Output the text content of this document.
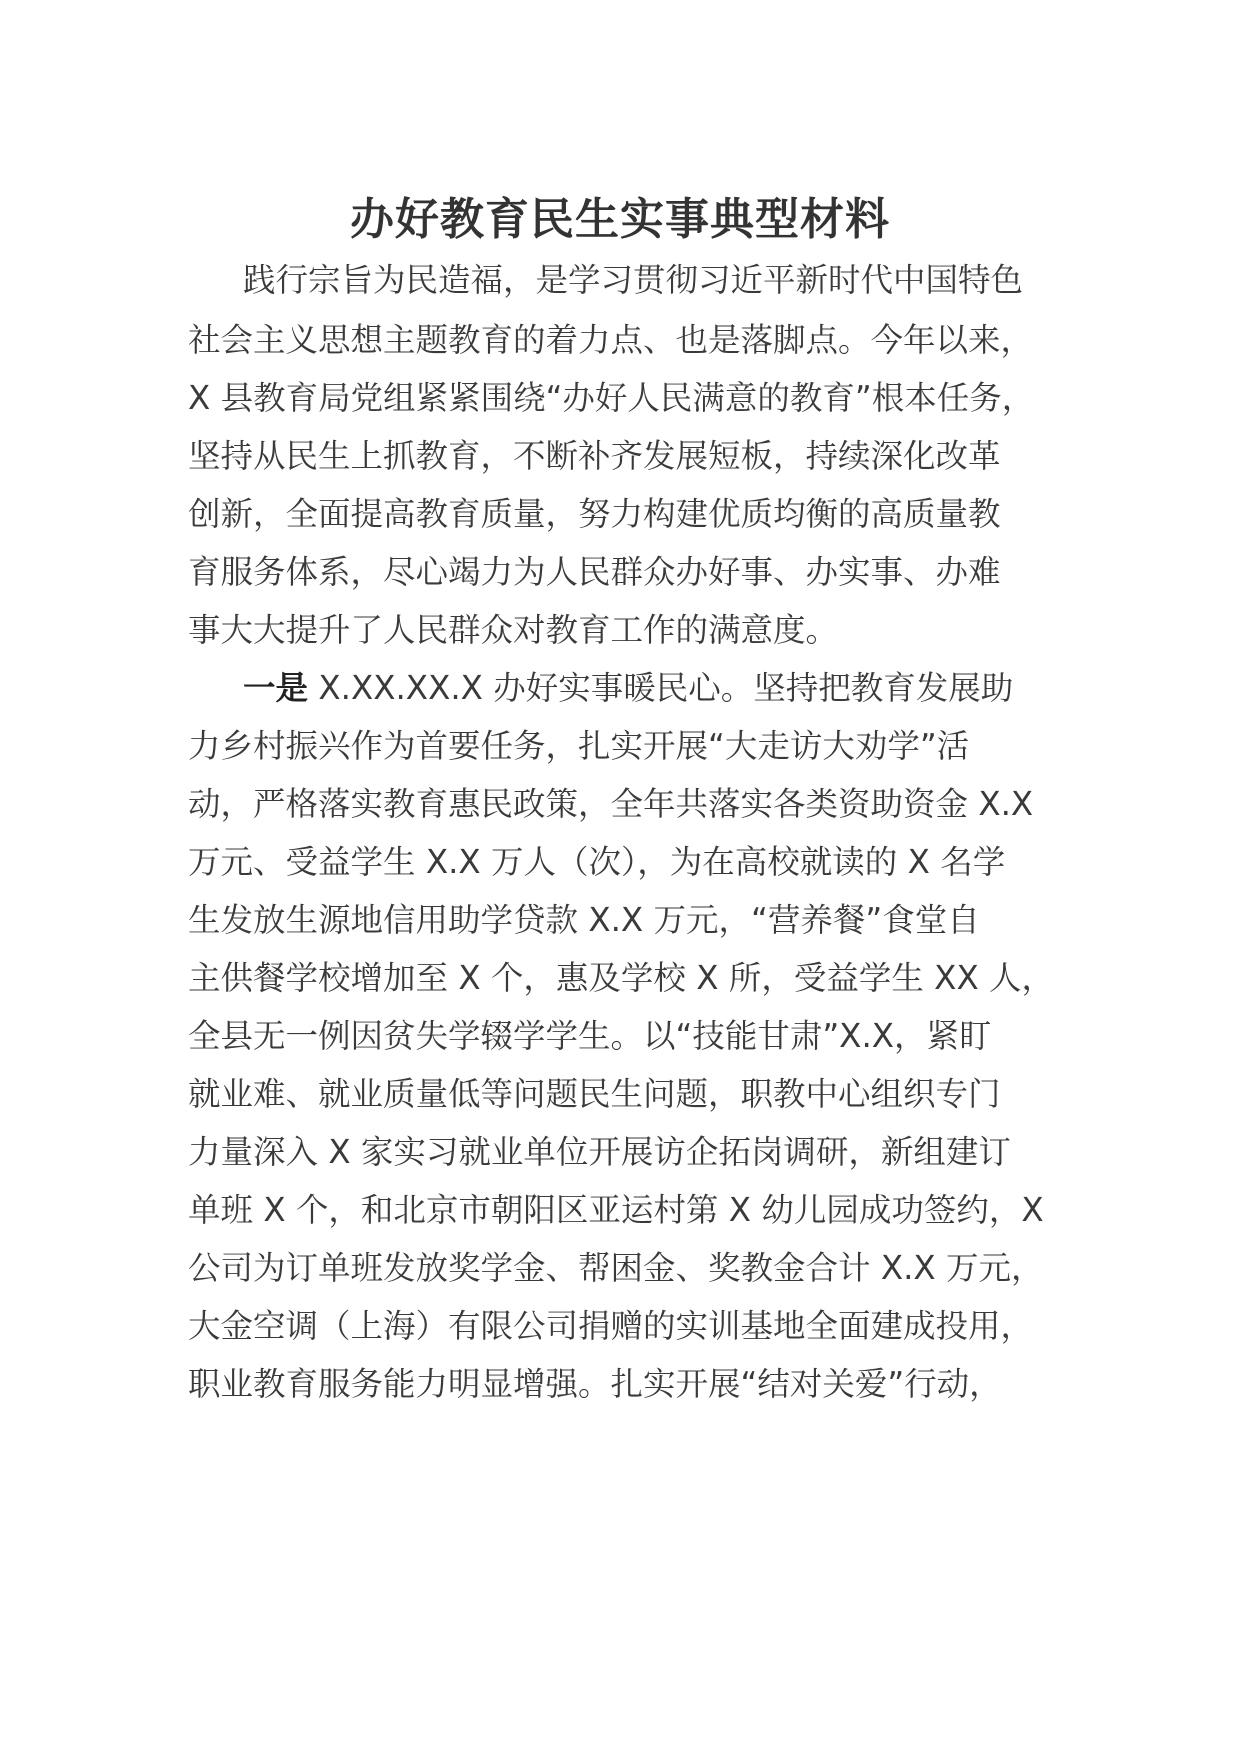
办好教育民生实事典型材料
践行宗旨为民造福，是学习贯彻习近平新时代中国特色
社会主义思想主题教育的着力点、也是落脚点。今年以来，
X 县教育局党组紧紧围绕“办好人民满意的教育”根本任务，
坚持从民生上抓教育，不断补齐发展短板，持续深化改革
创新，全面提高教育质量，努力构建优质均衡的高质量教
育服务体系，尽心竭力为人民群众办好事、办实事、办难
事大大提升了人民群众对教育工作的满意度。
一是 X.XX.XX.X 办好实事暖民心。坚持把教育发展助
力乡村振兴作为首要任务，扎实开展“大走访大劝学”活
动，严格落实教育惠民政策，全年共落实各类资助资金 X.X
万元、受益学生 X.X 万人（次），为在高校就读的 X 名学
生发放生源地信用助学贷款 X.X 万元，“营养餐”食堂自
主供餐学校增加至 X 个，惠及学校 X 所，受益学生 XX 人，
全县无一例因贫失学辍学学生。以“技能甘肃”X.X，紧盯
就业难、就业质量低等问题民生问题，职教中心组织专门
力量深入 X 家实习就业单位开展访企拓岗调研，新组建订
单班 X 个，和北京市朝阳区亚运村第 X 幼儿园成功签约，X
公司为订单班发放奖学金、帮困金、奖教金合计 X.X 万元，
大金空调（上海）有限公司捐赠的实训基地全面建成投用，
职业教育服务能力明显增强。扎实开展“结对关爱”行动，
